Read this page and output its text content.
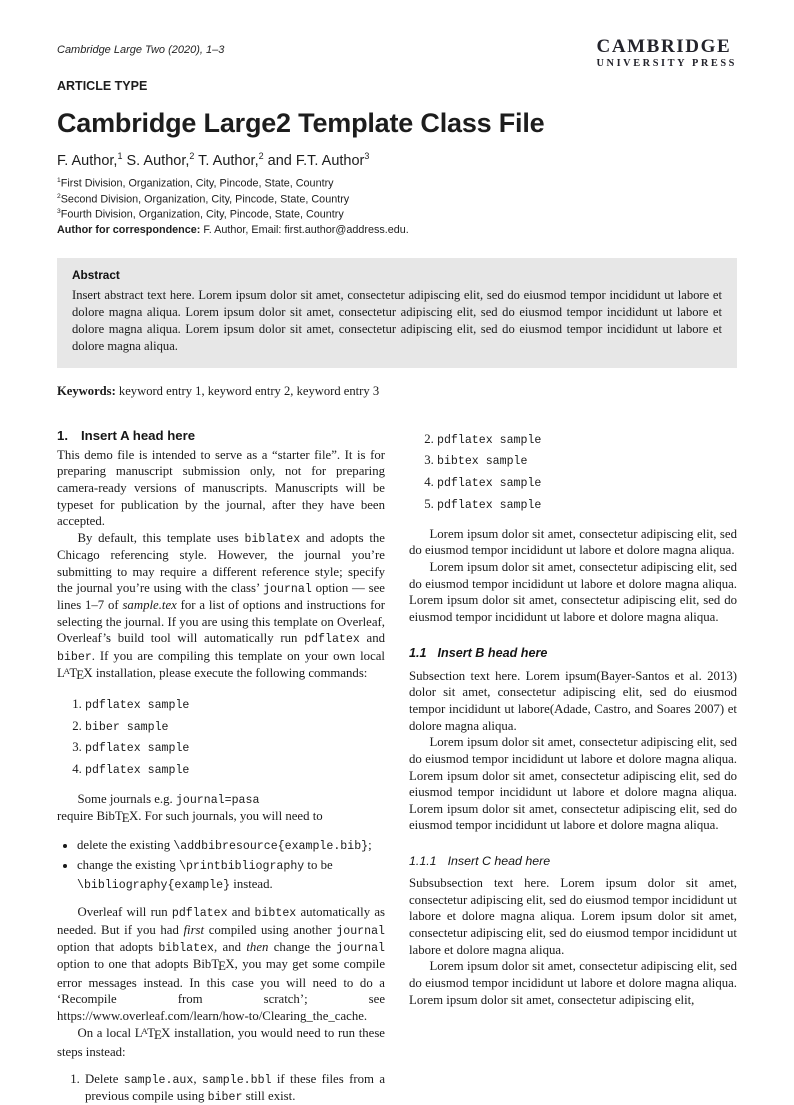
Cambridge Large Two (2020), 1–3	CAMBRIDGE
UNIVERSITY PRESS
ARTICLE TYPE
Cambridge Large2 Template Class File
F. Author,$^1$ S. Author,$^2$ T. Author,$^2$ and F.T. Author$^3$
$^1$First Division, Organization, City, Pincode, State, Country
$^2$Second Division, Organization, City, Pincode, State, Country
$^3$Fourth Division, Organization, City, Pincode, State, Country
Author for correspondence: F. Author, Email: first.author@address.edu.
Abstract
Insert abstract text here. Lorem ipsum dolor sit amet, consectetur adipiscing elit, sed do eiusmod tempor incididunt ut labore et dolore magna aliqua. Lorem ipsum dolor sit amet, consectetur adipiscing elit, sed do eiusmod tempor incididunt ut labore et dolore magna aliqua. Lorem ipsum dolor sit amet, consectetur adipiscing elit, sed do eiusmod tempor incididunt ut labore et dolore magna aliqua.
Keywords: keyword entry 1, keyword entry 2, keyword entry 3
1. Insert A head here

This demo file is intended to serve as a “starter file”. It is for preparing manuscript submission only, not for preparing camera-ready versions of manuscripts. Manuscripts will be typeset for publication by the journal, after they have been accepted.

By default, this template uses biblatex and adopts the Chicago referencing style. However, the journal you’re submitting to may require a different reference style; specify the journal you’re using with the class’ journal option — see lines 1–7 of sample.tex for a list of options and instructions for selecting the journal. If you are using this template on Overleaf, Overleaf’s build tool will automatically run pdflatex and biber. If you are compiling this template on your own local LATEX installation, please execute the following commands:

1. pdflatex sample
2. biber sample
3. pdflatex sample
4. pdflatex sample

Some journals e.g. journal=pasa

require BibTEX. For such journals, you will need to

• delete the existing \addbibresource{example.bib};
• change the existing \printbibliography to be \bibliography{example} instead.

Overleaf will run pdflatex and bibtex automatically as needed. But if you had first compiled using another journal option that adopts biblatex, and then change the journal option to one that adopts BibTEX, you may get some compile error messages instead. In this case you will need to do a ‘Recompile from scratch’; see https://www.overleaf.com/learn/how-to/Clearing_the_cache.

On a local LATEX installation, you would need to run these steps instead:

1. Delete sample.aux, sample.bbl if these files from a previous compile using biber still exist.
2. pdflatex sample
3. bibtex sample
4. pdflatex sample
5. pdflatex sample

Lorem ipsum dolor sit amet, consectetur adipiscing elit, sed do eiusmod tempor incididunt ut labore et dolore magna aliqua.

Lorem ipsum dolor sit amet, consectetur adipiscing elit, sed do eiusmod tempor incididunt ut labore et dolore magna aliqua. Lorem ipsum dolor sit amet, consectetur adipiscing elit, sed do eiusmod tempor incididunt ut labore et dolore magna aliqua.

1.1 Insert B head here

Subsection text here. Lorem ipsum(Bayer-Santos et al. 2013) dolor sit amet, consectetur adipiscing elit, sed do eiusmod tempor incididunt ut labore(Adade, Castro, and Soares 2007) et dolore magna aliqua.

Lorem ipsum dolor sit amet, consectetur adipiscing elit, sed do eiusmod tempor incididunt ut labore et dolore magna aliqua. Lorem ipsum dolor sit amet, consectetur adipiscing elit, sed do eiusmod tempor incididunt ut labore et dolore magna aliqua. Lorem ipsum dolor sit amet, consectetur adipiscing elit, sed do eiusmod tempor incididunt ut labore et dolore magna aliqua.

1.1.1 Insert C head here

Subsubsection text here. Lorem ipsum dolor sit amet, consectetur adipiscing elit, sed do eiusmod tempor incididunt ut labore et dolore magna aliqua. Lorem ipsum dolor sit amet, consectetur adipiscing elit, sed do eiusmod tempor incididunt ut labore et dolore magna aliqua.

Lorem ipsum dolor sit amet, consectetur adipiscing elit, sed do eiusmod tempor incididunt ut labore et dolore magna aliqua. Lorem ipsum dolor sit amet, consectetur adipiscing elit,
